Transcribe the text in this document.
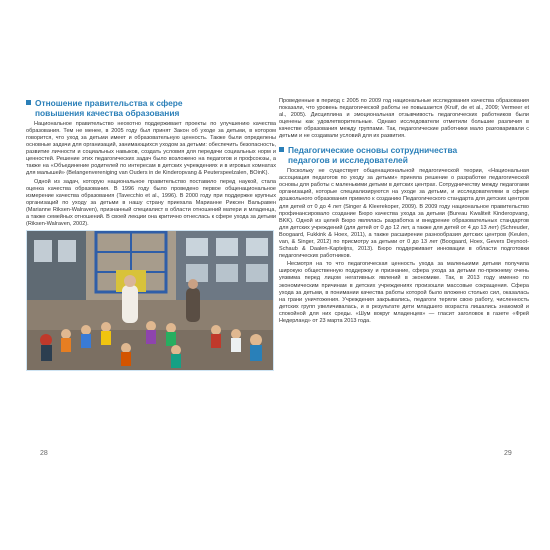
Отношение правительства к сфере
повышения качества образования

Национальное правительство неохотно поддерживает проекты по улучшению качества образования. Тем не менее, в 2005 году был принят Закон об уходе за детьми, в котором говорится, что уход за детьми имеет и образовательную ценность. Также были определены основные задачи для организаций, занимающихся уходом за детьми: обеспечить безопасность, развитие личности и социальных навыков, создать условия для передачи социальных норм и ценностей. Решение этих педагогических задач было возложено на педагогов и профсоюзы, а также на «Объединение родителей по интересам в детских учреждениях и в игровых комнатах для малышей» (Belangenvereniging van Ouders in de Kinderopvang & Peuterspeelzalen, BOinK).

Одной из задач, которую национальное правительство поставило перед наукой, стала оценка качества образования. В 1996 году было проведено первое общенациональное измерение качества образования (Tavecchio et al., 1996). В 2000 году при поддержке крупных организаций по уходу за детьми в нашу страну приехала Марианне Риксен Вальравен (Marianne Riksen-Walraven), признанный специалист в области отношений матери и младенца, а также семейных отношений. В своей лекции она критично отнеслась к сфере ухода за детьми (Riksen-Walraven, 2002).

Проведенные в период с 2005 по 2009 год национальные исследования качества образования показали, что уровень педагогической работы не повышается (Kruif, de et al., 2009; Vermeer et al., 2005). Дисциплина и эмоциональная отзывчивость педагогических работников были оценены как удовлетворительные. Однако исследователи отметили большие различия в качестве образования между группами. Так, педагогические работники мало разговаривали с детьми и не создавали условий для их развития.

Педагогические основы сотрудничества
педагогов и исследователей

Поскольку не существует общенациональной педагогической теории, «Национальная ассоциация педагогов по уходу за детьми» приняла решение о разработке педагогической основы для работы с маленькими детьми в детских центрах. Сотрудничеству между педагогами организаций, которые специализируются на уходе за детьми, и исследователями в сфере дошкольного образования привело к созданию Педагогического стандарта для детских центров для детей от 0 до 4 лет (Singer & Kleerekoper, 2009). В 2009 году национальное правительство профинансировало создание Бюро качества ухода за детьми (Bureau Kwaliteit Kinderopvang, BKK). Одной из целей Бюро являлась разработка и внедрение образовательных стандартов для детских учреждений (для детей от 0 до 12 лет, а также для детей от 4 до 13 лет) (Schreuder, Boogaard, Fukkink & Hoex, 2011), а также расширение разнообразия детских центров (Keulen, van, & Singer, 2012) по присмотру за детьми от 0 до 13 лет (Boogaard, Hoex, Gevers Deynoot-Schaub & Daalen-Kapteijns, 2013). Бюро поддерживает инновации в области подготовки педагогических работников.

Несмотря на то что педагогическая ценность ухода за маленькими детьми получила широкую общественную поддержку и признание, сфера ухода за детьми по-прежнему очень уязвима перед лицом негативных явлений в экономике. Так, в 2013 году именно по экономическим причинам в детских учреждениях произошли массовые сокращения. Сфера ухода за детьми, в понимании качества работы которой было вложено столько сил, оказалась на грани уничтожения. Учреждения закрывались, педагоги теряли свою работу, численность детских групп увеличивалась, и в результате дети младшего возраста лишались знакомой и спокойной для них среды. «Шум вокруг младенцев» — гласит заголовок в газете «Фрей Недерланд» от 23 марта 2013 года.

28	29
